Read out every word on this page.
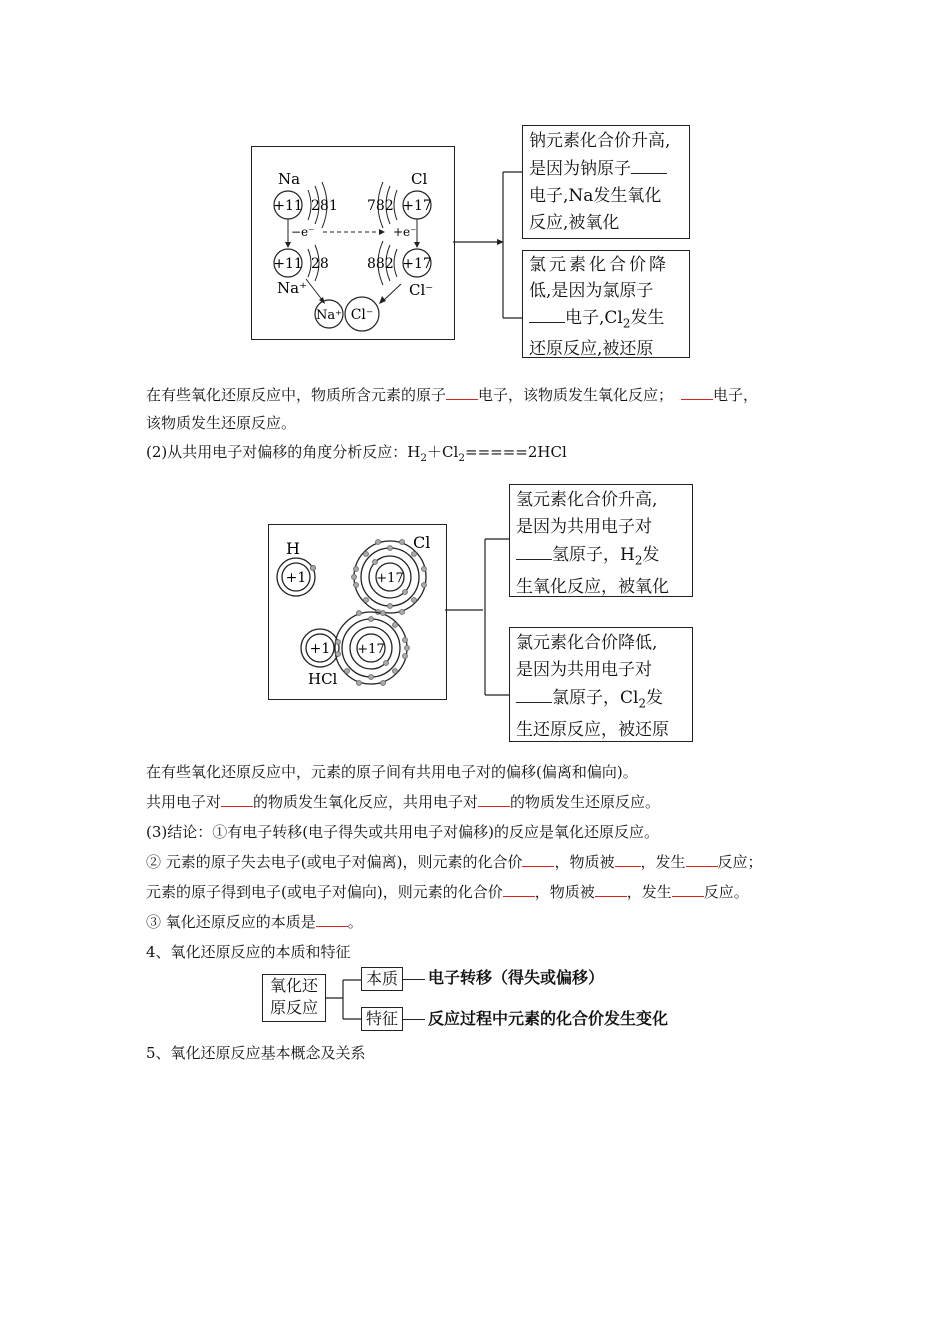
Na
+11 281
Cl
+17
782
−e⁻	+e⁻
+11 28
Na⁺
+17
882
Cl⁻
Na⁺ Cl⁻
钠元素化合价升高,
是因为钠原子
电子,Na发生氧化
反应,被氧化
氯元素化合价降
低,是因为氯原子
电子$,Cl_2$发生
还原反应,被还原
在有些氧化还原反应中，物质所含元素的原子 电子，该物质发生氧化反应；	电子，
该物质发生还原反应。
(2)从共用电子对偏移的角度分析反应：$H_2+Cl_2=====2HCl$
H
+1
Cl
+17
+1 +17
HCl
氢元素化合价升高,
是因为共用电子对
氢原子，$H_2$发
生氧化反应，被氧化
氯元素化合价降低,
是因为共用电子对
氯原子，$Cl_2$发
生还原反应，被还原
在有些氧化还原反应中，元素的原子间有共用电子对的偏移(偏离和偏向)。
共用电子对 的物质发生氧化反应，共用电子对 的物质发生还原反应。
(3)结论：①有电子转移(电子得失或共用电子对偏移)的反应是氧化还原反应。
② 元素的原子失去电子(或电子对偏离)，则元素的化合价 ，物质被 ，发生 反应；
元素的原子得到电子(或电子对偏向)，则元素的化合价 ，物质被 ，发生 反应。
③ 氧化还原反应的本质是 。
4、氧化还原反应的本质和特征
氧化还
原反应
本质	电子转移（得失或偏移）
特征	反应过程中元素的化合价发生变化
5、氧化还原反应基本概念及关系
